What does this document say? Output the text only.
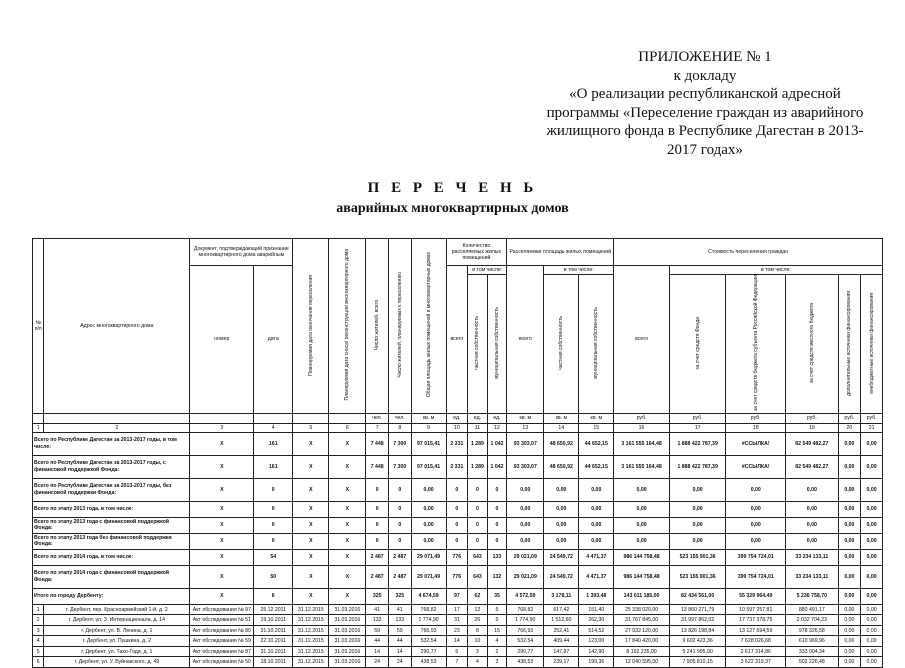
ПРИЛОЖЕНИЕ № 1
к докладу
«О реализации республиканской адресной
программы «Переселение граждан из аварийного
жилищного фонда в Республике Дагестан в 2013-
2017 годах»
П Е Р Е Ч Е Н Ь
аварийных многоквартирных домов
№ п/п	Адрес многоквартирного дома	Документ, подтверждающий признание многоквартирного дома аварийным		Планируемая дата окончания переселения	Планируемая дата сноса/ реконструкции многоквартирного дома	Число жителей, всего	Число жителей, планируемых к переселению	Общая площадь жилых помещений в многоквартирных домах	Количество расселяемых жилых помещений			Расселяемая площадь жилых помещений			Стоимость переселения граждан					
		номер	дата						всего	в том числе:		всего	в том числе:		всего	в том числе:				
										частная собственность	муниципальная собственность		частная собственность	муниципальная собственность		за счет средств Фонда	за счет средств бюджета субъекта Российской Федерации	за счет средств местного бюджета	дополнительные источники финансирования	внебюджетные источники финансирования
						чел.	чел.	кв. м	ед.	ед.	ед.	кв. м	кв. м	кв. м	руб.	руб.	руб.	руб.	руб.	руб.
1	2	3	4	5	6	7	8	9	10	11	12	13	14	15	16	17	18	19	20	21
Всего по Республике Дагестан за 2013-2017 годы, в том числе:		X	161	X	X	7 448	7 300	97 015,41	2 331	1 289	1 042	93 303,07	48 650,92	44 652,15	3 161 555 164,48	1 888 422 787,39	#ССЫЛКА!	82 549 482,27	0,00	0,00
Всего по Республике Дагестан за 2013-2017 годы, с финансовой поддержкой Фонда:		X	161	X	X	7 448	7 300	97 015,41	2 331	1 289	1 042	93 303,07	48 650,92	44 652,15	3 161 555 164,48	1 888 422 787,39	#ССЫЛКА!	82 549 482,27	0,00	0,00
Всего по Республике Дагестан за 2013-2017 годы, без финансовой поддержки Фонда:		X	0	X	X	0	0	0,00	0	0	0	0,00	0,00	0,00	0,00	0,00	0,00	0,00	0,00	0,00
Всего по этапу 2013 года, в том числе:		X	0	X	X	0	0	0,00	0	0	0	0,00	0,00	0,00	0,00	0,00	0,00	0,00	0,00	0,00
Всего по этапу 2013 года с финансовой поддержкой Фонда:		X	0	X	X	0	0	0,00	0	0	0	0,00	0,00	0,00	0,00	0,00	0,00	0,00	0,00	0,00
Всего по этапу 2013 года без финансовой поддержки Фонда:		X	0	X	X	0	0	0,00	0	0	0	0,00	0,00	0,00	0,00	0,00	0,00	0,00	0,00	0,00
Всего по этапу 2014 года, в том числе:		X	54	X	X	2 487	2 487	29 071,49	776	643	133	29 021,09	24 549,72	4 471,37	986 144 758,48	523 155 901,36	399 754 724,01	33 234 133,11	0,00	0,00
Всего по этапу 2014 года с финансовой поддержкой Фонда:		X	50	X	X	2 487	2 487	29 071,49	776	643	132	29 021,09	24 549,72	4 471,37	986 144 758,48	523 155 901,36	399 754 724,01	33 234 133,11	0,00	0,00
Итого по городу Дербенту:		X	6	X	X	325	325	4 674,59	97	62	35	4 572,59	3 178,11	1 393,48	143 011 185,00	82 434 561,00	55 329 964,49	5 236 758,70	0,00	0,00
1	г. Дербент, пер. Красноармейский 1-й, д. 2	Акт обследования № 97	25.12.2011	31.12.2015	31.03.2016	41	41	768,82	17	12	5	768,82	617,42	151,40	25 338 020,00	13 860 271,79	10 597 257,81	880 491,17	0,00	0,00
2	г. Дербент, ул. 3. Интернационала, д. 14	Акт обследования № 51	19.10.2011	31.12.2015	31.03.2016	133	133	1 774,90	31	26	5	1 774,90	1 512,60	262,30	31 767 845,00	31 997 862,02	17 737 378,75	2 032 704,23	0,00	0,00
3	г. Дербент, ул. В. Ленина, д. 1	Акт обследования № 80	31.10.2011	31.12.2015	31.03.2016	59	59	766,93	23	8	15	766,93	252,41	514,52	27 932 120,00	13 826 198,84	13 127 594,59	978 326,58	0,00	0,00
4	г. Дербент, ул. Пушкина, д. 2	Акт обследования № 59	22.10.2011	31.12.2015	31.03.2016	44	44	532,54	14	10	4	532,54	409,44	123,00	17 840 420,00	9 602 423,36	7 628 026,68	610 969,96	0,00	0,00
5	г. Дербент, ул. Тахо-Годи, д. 1	Акт обследования № 87	31.10.2011	31.12.2015	31.03.2016	14	14	290,77	5	3	2	290,77	147,87	142,90	8 192 235,00	5 241 995,90	2 617 314,86	333 004,34	0,00	0,00
6	г. Дербент, ул. У. Буйнакского, д. 49	Акт обследования № 50	18.10.2011	31.12.2015	31.03.2016	24	24	438,53	7	4	3	438,53	239,17	199,36	12 040 595,00	7 905 810,15	3 622 319,37	502 226,48	0,00	0,00
